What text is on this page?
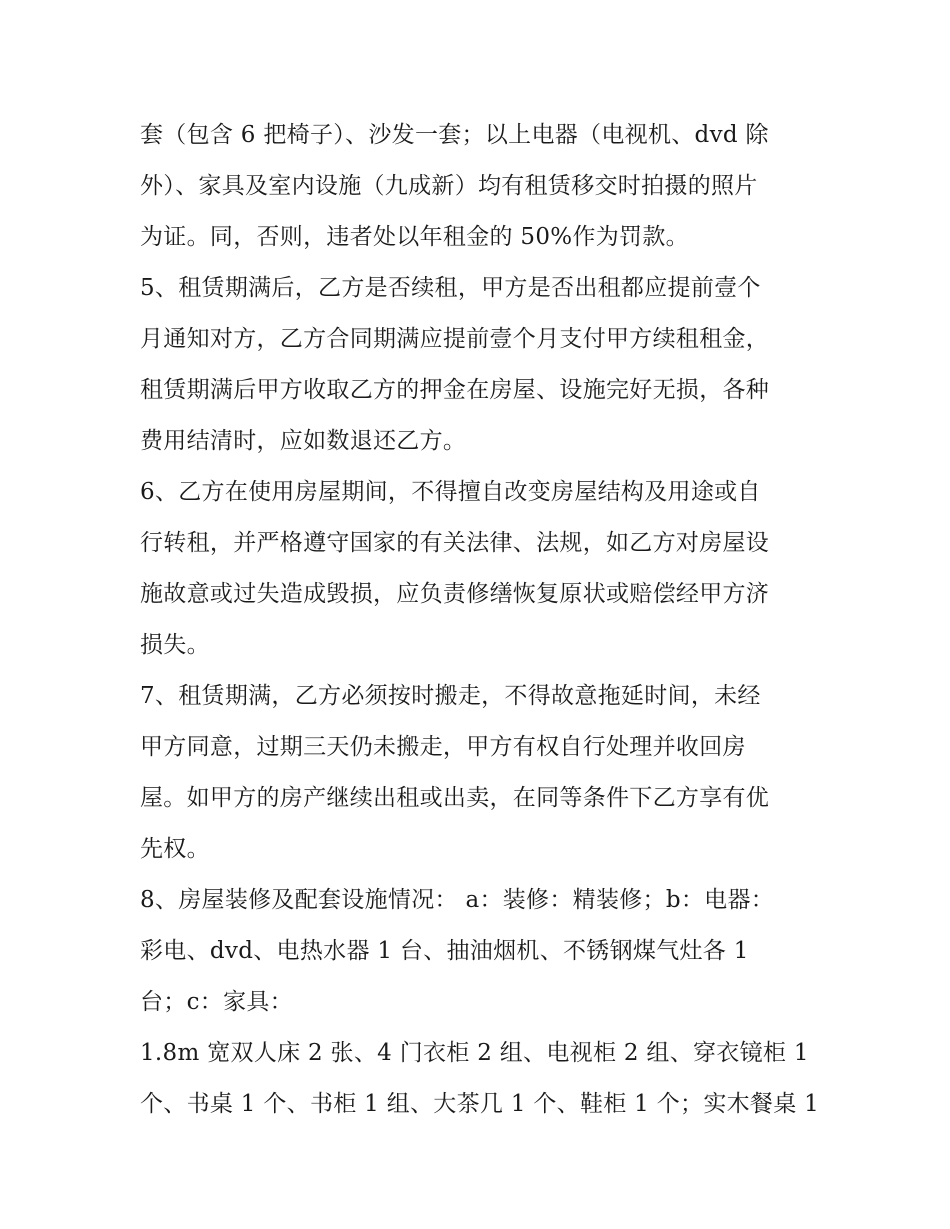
套（包含 6 把椅子）、沙发一套；以上电器（电视机、dvd 除
外）、家具及室内设施（九成新）均有租赁移交时拍摄的照片
为证。同，否则，违者处以年租金的 50%作为罚款。
5、租赁期满后，乙方是否续租，甲方是否出租都应提前壹个
月通知对方，乙方合同期满应提前壹个月支付甲方续租租金，
租赁期满后甲方收取乙方的押金在房屋、设施完好无损，各种
费用结清时，应如数退还乙方。
6、乙方在使用房屋期间，不得擅自改变房屋结构及用途或自
行转租，并严格遵守国家的有关法律、法规，如乙方对房屋设
施故意或过失造成毁损，应负责修缮恢复原状或赔偿经甲方济
损失。
7、租赁期满，乙方必须按时搬走，不得故意拖延时间，未经
甲方同意，过期三天仍未搬走，甲方有权自行处理并收回房
屋。如甲方的房产继续出租或出卖，在同等条件下乙方享有优
先权。
8、房屋装修及配套设施情况： a：装修：精装修；b：电器：
彩电、dvd、电热水器 1 台、抽油烟机、不锈钢煤气灶各 1
台；c：家具：
1.8m 宽双人床 2 张、4 门衣柜 2 组、电视柜 2 组、穿衣镜柜 1
个、书桌 1 个、书柜 1 组、大茶几 1 个、鞋柜 1 个；实木餐桌 1
